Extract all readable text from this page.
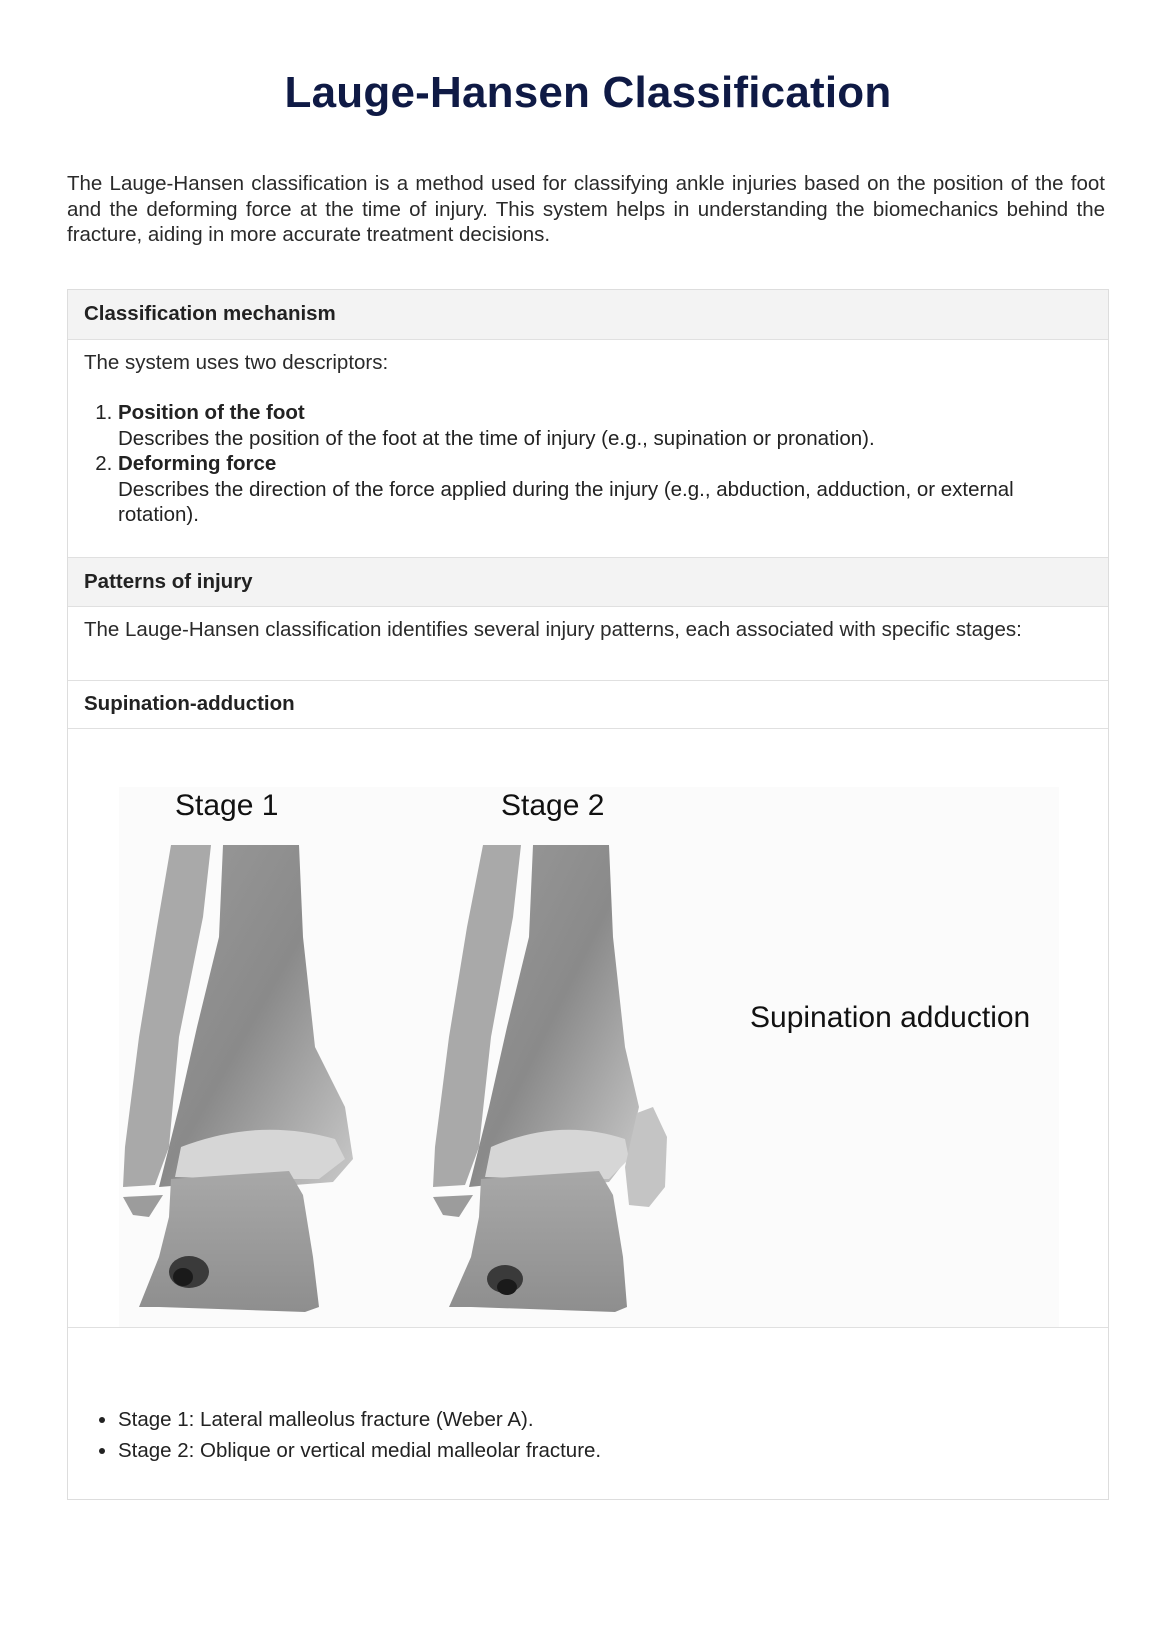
Lauge-Hansen Classification

The Lauge-Hansen classification is a method used for classifying ankle injuries based on the position of the foot and the deforming force at the time of injury. This system helps in understanding the biomechanics behind the fracture, aiding in more accurate treatment decisions.

Classification mechanism
The system uses two descriptors:
1. Position of the foot
Describes the position of the foot at the time of injury (e.g., supination or pronation).
2. Deforming force
Describes the direction of the force applied during the injury (e.g., abduction, adduction, or external rotation).
Patterns of injury
The Lauge-Hansen classification identifies several injury patterns, each associated with specific stages:
Supination-adduction
Stage 1	Stage 2
Supination adduction
• Stage 1: Lateral malleolus fracture (Weber A).
• Stage 2: Oblique or vertical medial malleolar fracture.
